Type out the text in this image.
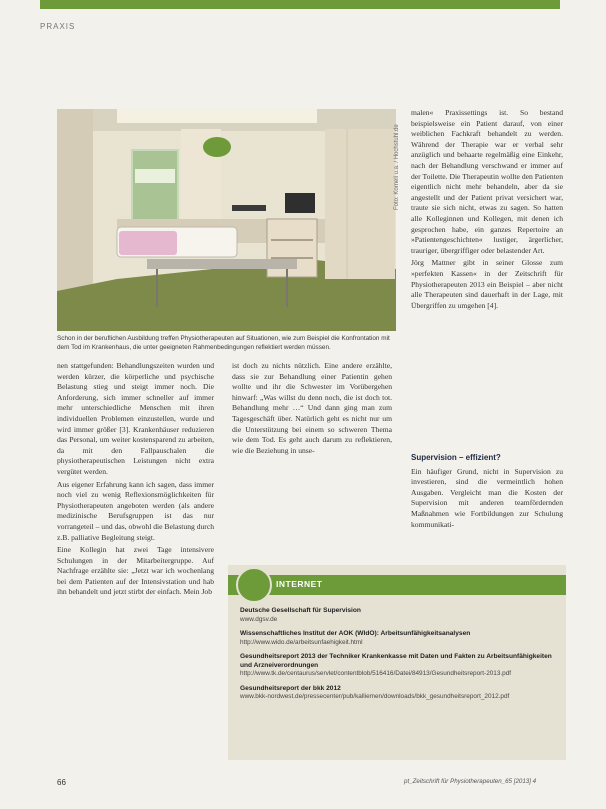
PRAXIS
Foto: Korneli u.a. / Hochstuhl.de
Schon in der beruflichen Ausbildung treffen Physiotherapeuten auf Situationen, wie zum Beispiel die Konfrontation mit dem Tod im Krankenhaus, die unter geeigneten Rahmenbedingungen reflektiert werden müssen.

nen stattgefunden: Behandlungszeiten wurden und werden kürzer, die körperliche und psychische Belastung stieg und steigt immer noch. Die Anforderung, sich immer schneller auf immer mehr unterschiedliche Menschen mit ihren individuellen Problemen einzustellen, wurde und wird immer größer [3]. Krankenhäuser reduzieren das Personal, um weiter kostensparend zu arbeiten, da mit den Fallpauschalen die physiotherapeutischen Leistungen nicht extra vergütet werden.

Aus eigener Erfahrung kann ich sagen, dass immer noch viel zu wenig Reflexionsmöglichkeiten für Physiotherapeuten angeboten werden (als andere medizinische Berufsgruppen ist das nur vorrangeteil – und das, obwohl die Belastung durch z.B. palliative Begleitung steigt.

Eine Kollegin hat zwei Tage intensivere Schulungen in der Mitarbeitergruppe. Auf Nachfrage erzählte sie: „Jetzt war ich wochenlang bei dem Patienten auf der Intensivstation und hab ihn behandelt und jetzt stirbt der einfach. Mein Job

ist doch zu nichts nützlich. Eine andere erzählte, dass sie zur Behandlung einer Patientin gehen wollte und ihr die Schwester im Vorübergehen hinwarf: „Was willst du denn noch, die ist doch tot. Behandlung mehr …“ Und dann ging man zum Tagesgeschäft über. Natürlich geht es nicht nur um die Unterstützung bei einem so schweren Thema wie dem Tod. Es geht auch darum zu reflektieren, wie die Beziehung in unse-

malen« Praxissettings ist. So bestand beispielsweise ein Patient darauf, von einer weiblichen Fachkraft behandelt zu werden. Während der Therapie war er verbal sehr anzüglich und behaarte regelmäßig eine Einkehr, nach der Behandlung verschwand er immer auf der Toilette. Die Therapeutin wollte den Patienten eigentlich nicht mehr behandeln, aber da sie angestellt und der Patient privat versichert war, traute sie sich nicht, etwas zu sagen. So hatten alle Kolleginnen und Kollegen, mit denen ich gesprochen habe, ein ganzes Repertoire an »Patientengeschichten« lustiger, ärgerlicher, trauriger, übergriffiger oder belastender Art.

Jörg Mattner gibt in seiner Glosse zum »perfekten Kassen« in der Zeitschrift für Physiotherapeuten 2013 ein Beispiel – aber nicht alle Therapeuten sind dauerhaft in der Lage, mit Übergriffen zu umgehen [4].

Supervision – effizient?

Ein häufiger Grund, nicht in Supervision zu investieren, sind die vermeintlich hohen Ausgaben. Vergleicht man die Kosten der Supervision mit anderen teamfördernden Maßnahmen wie Fortbildungen zur Schulung kommunikati-

INTERNET
Deutsche Gesellschaft für Supervision
www.dgsv.de
Wissenschaftliches Institut der AOK (WIdO): Arbeitsunfähigkeitsanalysen
http://www.wido.de/arbeitsunfaehigkeit.html
Gesundheitsreport 2013 der Techniker Krankenkasse mit Daten und Fakten zu Arbeitsunfähigkeiten und Arzneiverordnungen
http://www.tk.de/centaurus/servlet/contentblob/516416/Datei/84913/Gesundheitsreport-2013.pdf
Gesundheitsreport der bkk 2012
www.bkk-nordwest.de/pressecenter/pub/kalliemen/downloads/bkk_gesundheitsreport_2012.pdf
66	pt_Zeitschrift für Physiotherapeuten_65 [2013] 4
